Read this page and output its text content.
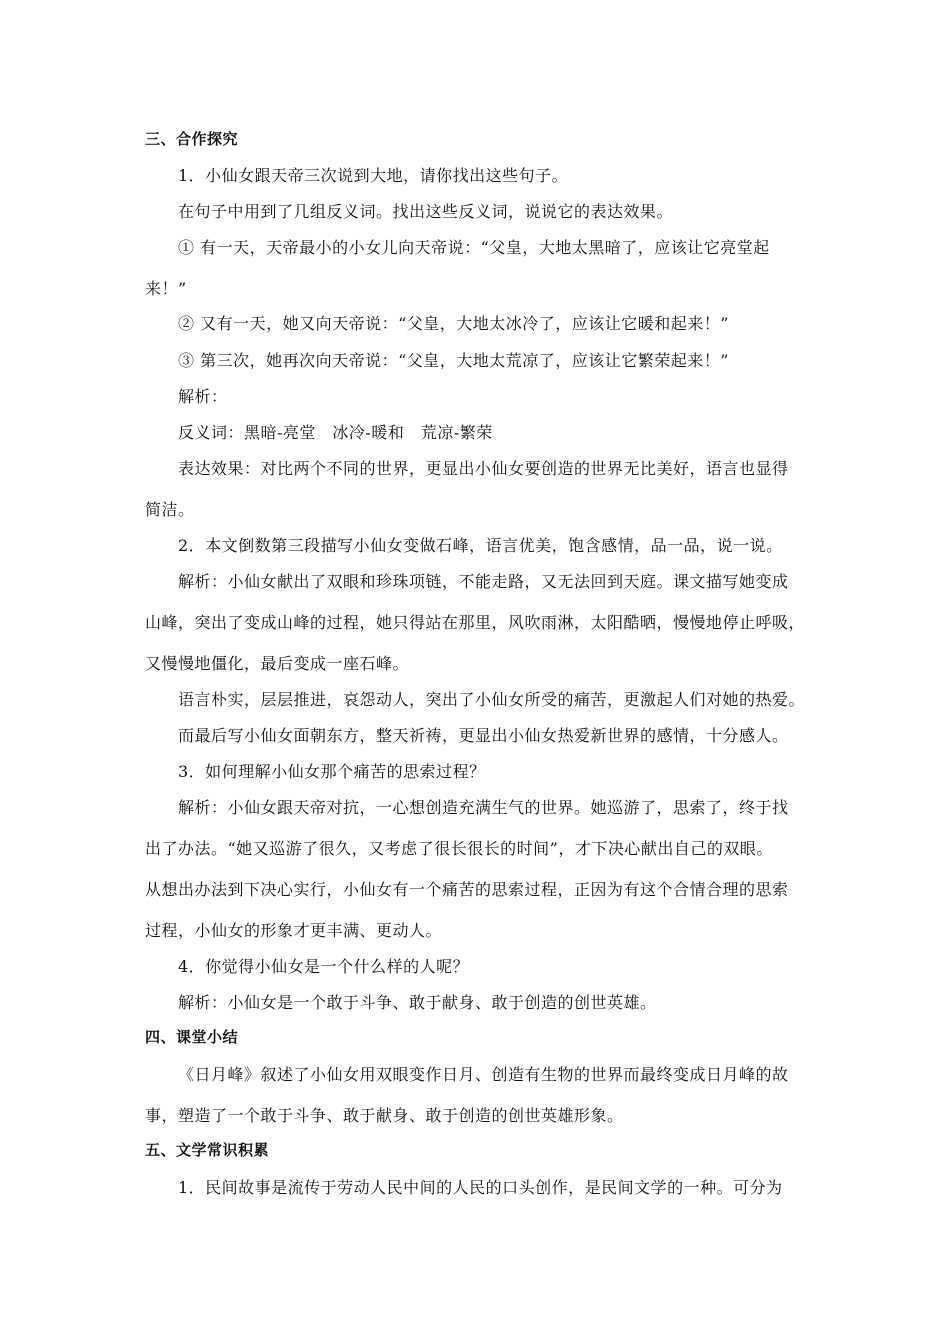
三、合作探究
1．小仙女跟天帝三次说到大地，请你找出这些句子。
在句子中用到了几组反义词。找出这些反义词，说说它的表达效果。
① 有一天，天帝最小的小女儿向天帝说：“父皇，大地太黑暗了，应该让它亮堂起
来！”
② 又有一天，她又向天帝说：“父皇，大地太冰冷了，应该让它暖和起来！”
③ 第三次，她再次向天帝说：“父皇，大地太荒凉了，应该让它繁荣起来！”
解析：
反义词：黑暗-亮堂　冰冷-暖和　荒凉-繁荣
表达效果：对比两个不同的世界，更显出小仙女要创造的世界无比美好，语言也显得
简洁。
2．本文倒数第三段描写小仙女变做石峰，语言优美，饱含感情，品一品，说一说。
解析：小仙女献出了双眼和珍珠项链，不能走路，又无法回到天庭。课文描写她变成
山峰，突出了变成山峰的过程，她只得站在那里，风吹雨淋，太阳酷晒，慢慢地停止呼吸，
又慢慢地僵化，最后变成一座石峰。
语言朴实，层层推进，哀怨动人，突出了小仙女所受的痛苦，更激起人们对她的热爱。
而最后写小仙女面朝东方，整天祈祷，更显出小仙女热爱新世界的感情，十分感人。
3．如何理解小仙女那个痛苦的思索过程？
解析：小仙女跟天帝对抗，一心想创造充满生气的世界。她巡游了，思索了，终于找
出了办法。“她又巡游了很久，又考虑了很长很长的时间”，才下决心献出自己的双眼。
从想出办法到下决心实行，小仙女有一个痛苦的思索过程，正因为有这个合情合理的思索
过程，小仙女的形象才更丰满、更动人。
4．你觉得小仙女是一个什么样的人呢？
解析：小仙女是一个敢于斗争、敢于献身、敢于创造的创世英雄。
四、课堂小结
《日月峰》叙述了小仙女用双眼变作日月、创造有生物的世界而最终变成日月峰的故
事，塑造了一个敢于斗争、敢于献身、敢于创造的创世英雄形象。
五、文学常识积累
1．民间故事是流传于劳动人民中间的人民的口头创作，是民间文学的一种。可分为
